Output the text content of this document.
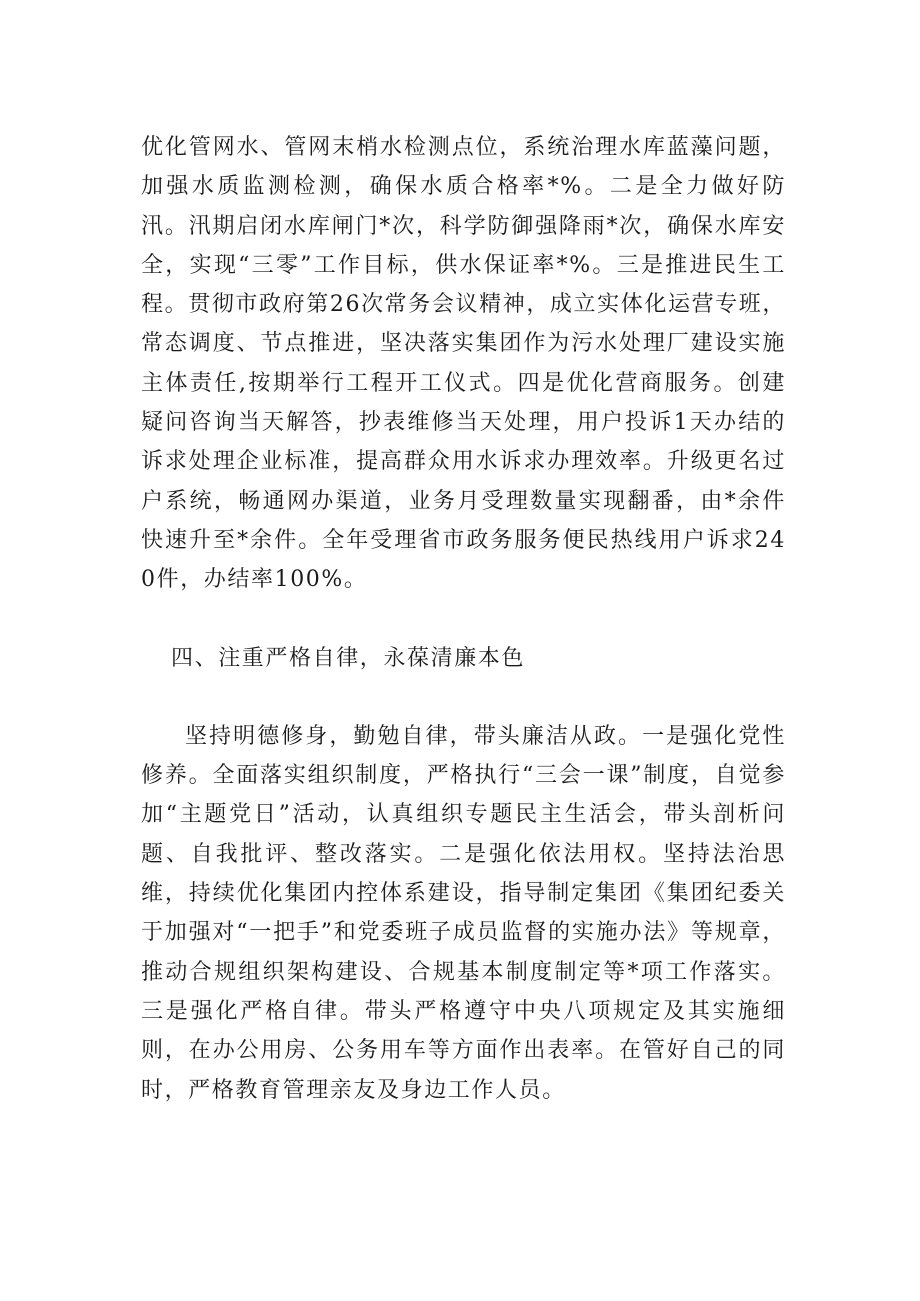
优化管网水、管网末梢水检测点位，系统治理水库蓝藻问题，加强水质监测检测，确保水质合格率*%。二是全力做好防汛。汛期启闭水库闸门*次，科学防御强降雨*次，确保水库安全，实现“三零”工作目标，供水保证率*%。三是推进民生工程。贯彻市政府第26次常务会议精神，成立实体化运营专班，常态调度、节点推进，坚决落实集团作为污水处理厂建设实施主体责任,按期举行工程开工仪式。四是优化营商服务。创建疑问咨询当天解答，抄表维修当天处理，用户投诉1天办结的诉求处理企业标准，提高群众用水诉求办理效率。升级更名过户系统，畅通网办渠道，业务月受理数量实现翻番，由*余件快速升至*余件。全年受理省市政务服务便民热线用户诉求240件，办结率100%。

四、注重严格自律，永葆清廉本色

坚持明德修身，勤勉自律，带头廉洁从政。一是强化党性修养。全面落实组织制度，严格执行“三会一课”制度，自觉参加“主题党日”活动，认真组织专题民主生活会，带头剖析问题、自我批评、整改落实。二是强化依法用权。坚持法治思维，持续优化集团内控体系建设，指导制定集团《集团纪委关于加强对“一把手”和党委班子成员监督的实施办法》等规章，推动合规组织架构建设、合规基本制度制定等*项工作落实。三是强化严格自律。带头严格遵守中央八项规定及其实施细则，在办公用房、公务用车等方面作出表率。在管好自己的同时，严格教育管理亲友及身边工作人员。
